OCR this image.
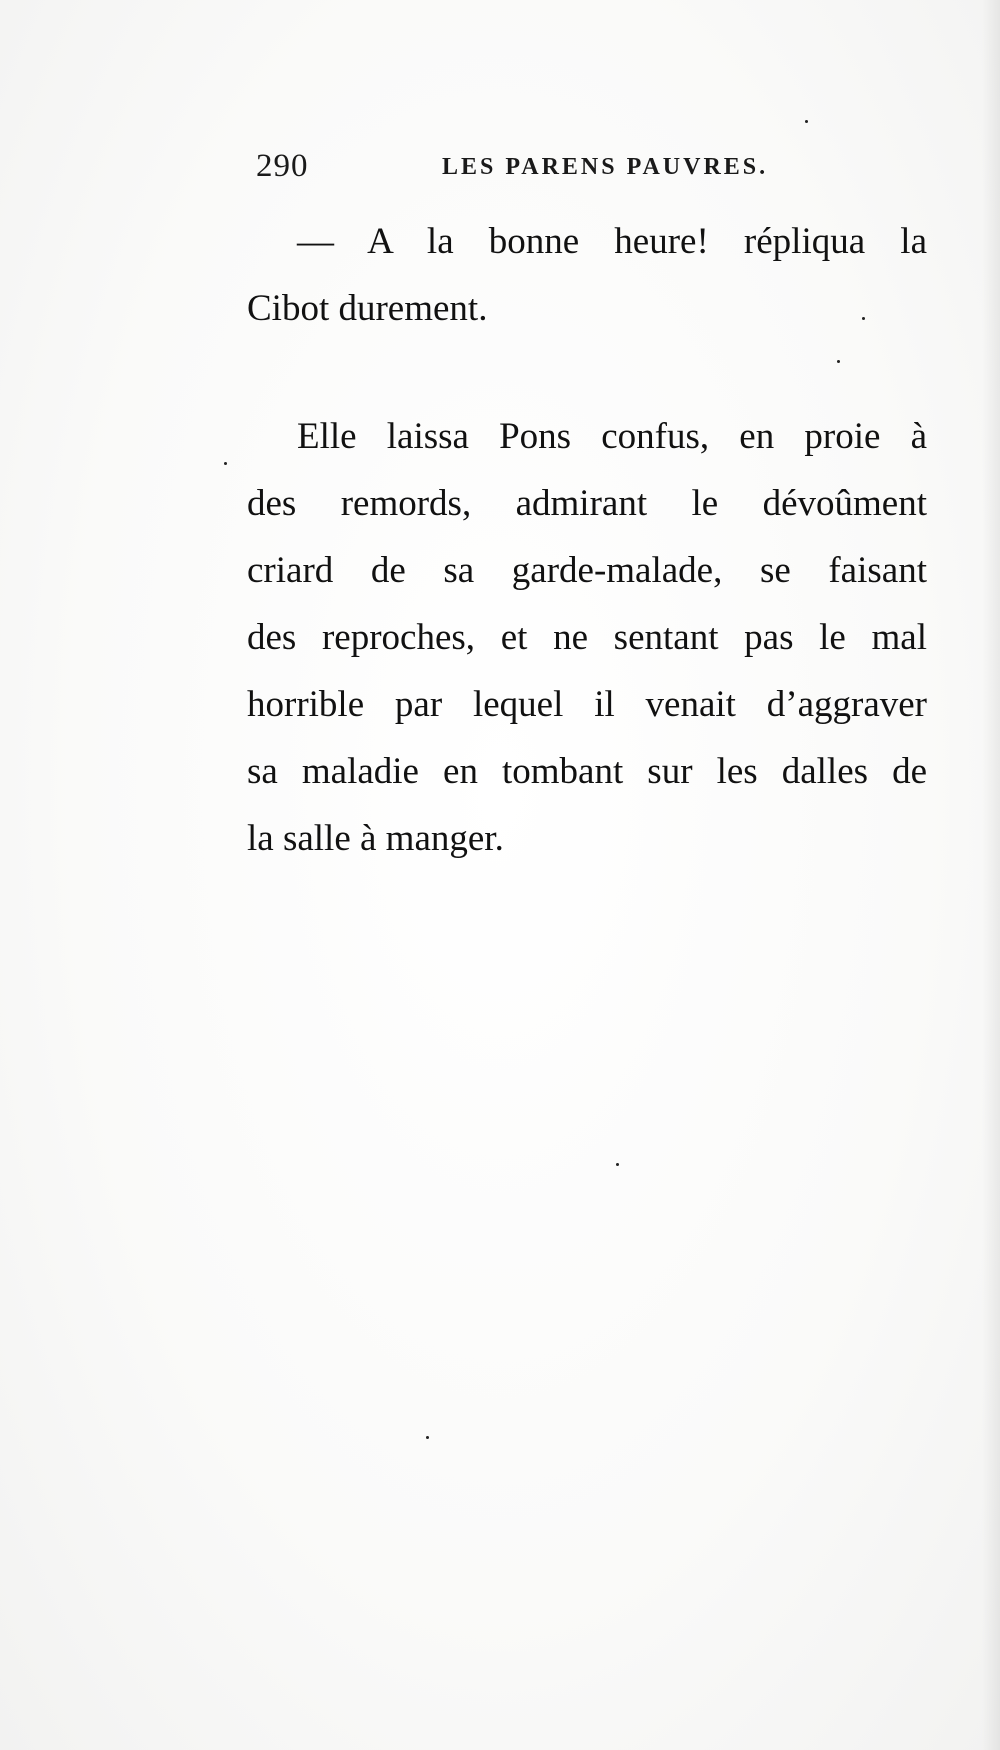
290	LES PARENS PAUVRES.
— A la bonne heure! répliqua la
Cibot durement.
Elle laissa Pons confus, en proie à
des remords, admirant le dévoûment
criard de sa garde-malade, se faisant
des reproches, et ne sentant pas le mal
horrible par lequel il venait d’aggraver
sa maladie en tombant sur les dalles de
la salle à manger.
